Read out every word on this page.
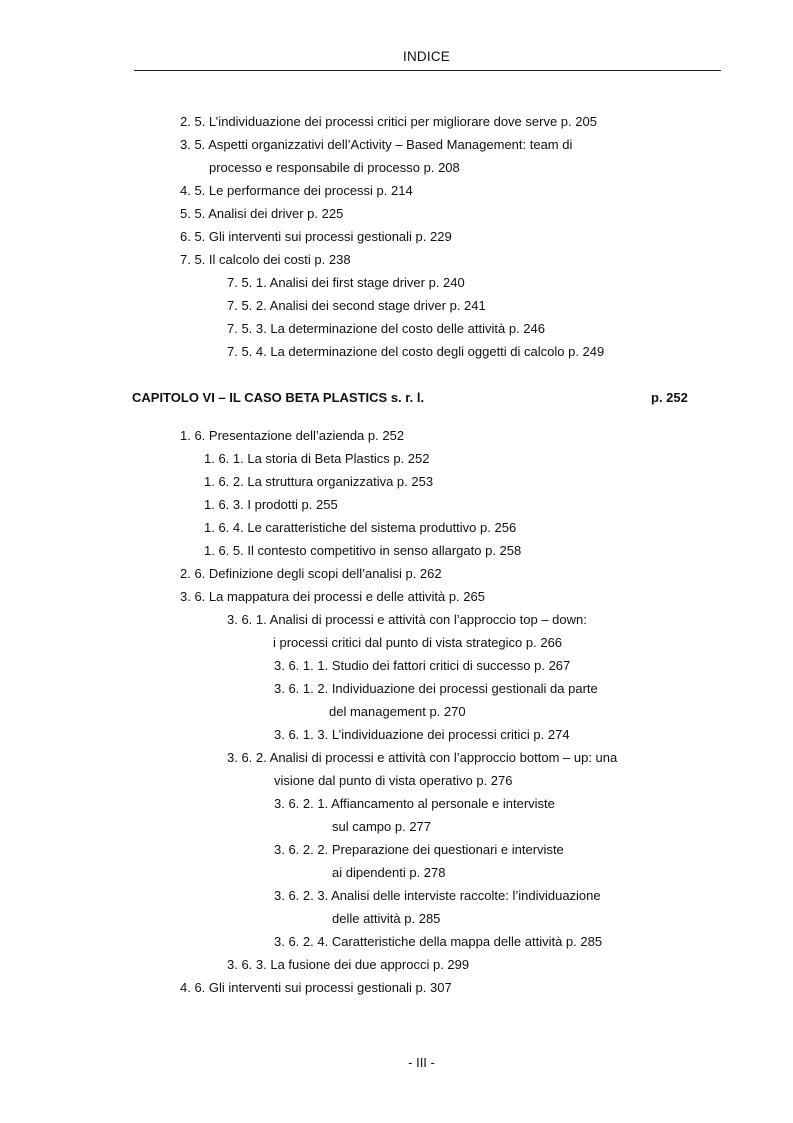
INDICE
2. 5. L’individuazione dei processi critici per migliorare dove serve p. 205
3. 5. Aspetti organizzativi dell’Activity – Based Management: team di
processo e responsabile di processo p. 208
4. 5. Le performance dei processi p. 214
5. 5. Analisi dei driver p. 225
6. 5. Gli interventi sui processi gestionali p. 229
7. 5. Il calcolo dei costi p. 238
7. 5. 1. Analisi dei first stage driver p. 240
7. 5. 2. Analisi dei second stage driver p. 241
7. 5. 3. La determinazione del costo delle attività p. 246
7. 5. 4. La determinazione del costo degli oggetti di calcolo p. 249
CAPITOLO VI – IL CASO BETA PLASTICS s. r. l.	p. 252
1. 6. Presentazione dell’azienda p. 252
1. 6. 1. La storia di Beta Plastics p. 252
1. 6. 2. La struttura organizzativa p. 253
1. 6. 3. I prodotti p. 255
1. 6. 4. Le caratteristiche del sistema produttivo p. 256
1. 6. 5. Il contesto competitivo in senso allargato p. 258
2. 6. Definizione degli scopi dell’analisi p. 262
3. 6. La mappatura dei processi e delle attività p. 265
3. 6. 1. Analisi di processi e attività con l’approccio top – down:
i processi critici dal punto di vista strategico p. 266
3. 6. 1. 1. Studio dei fattori critici di successo p. 267
3. 6. 1. 2. Individuazione dei processi gestionali da parte
del management p. 270
3. 6. 1. 3. L’individuazione dei processi critici p. 274
3. 6. 2. Analisi di processi e attività con l’approccio bottom – up: una
visione dal punto di vista operativo p. 276
3. 6. 2. 1. Affiancamento al personale e interviste
sul campo p. 277
3. 6. 2. 2. Preparazione dei questionari e interviste
ai dipendenti p. 278
3. 6. 2. 3. Analisi delle interviste raccolte: l’individuazione
delle attività p. 285
3. 6. 2. 4. Caratteristiche della mappa delle attività p. 285
3. 6. 3. La fusione dei due approcci p. 299
4. 6. Gli interventi sui processi gestionali p. 307
- III -
